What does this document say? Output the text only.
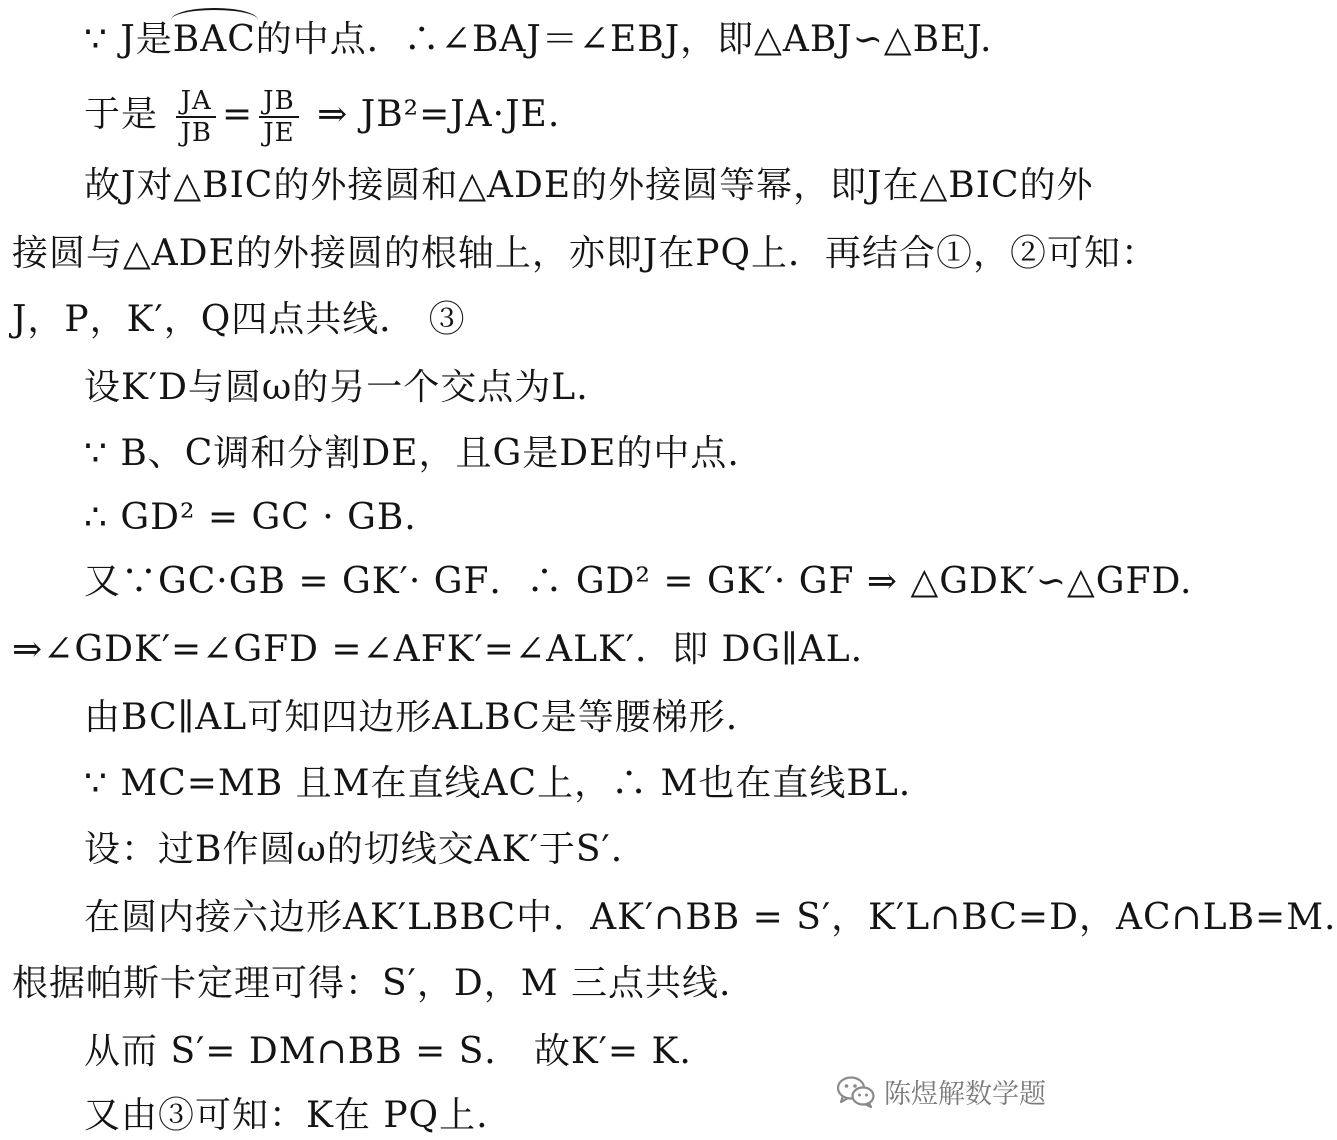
∵ J是BAC的中点．∴∠BAJ＝∠EBJ，即△ABJ∽△BEJ.
于是 $\frac{JA}{JB} = \frac{JB}{JE}$ ⇒ JB²=JA·JE.
故J对△BIC的外接圆和△ADE的外接圆等幂，即J在△BIC的外
接圆与△ADE的外接圆的根轴上，亦即J在PQ上．再结合①，②可知：
J，P，K′，Q四点共线． ③
设K′D与圆ω的另一个交点为L.
∵ B、C调和分割DE，且G是DE的中点.
∴ GD² = GC · GB.
又∵GC·GB = GK′· GF．∴ GD² = GK′· GF ⇒ △GDK′∽△GFD.
⇒∠GDK′=∠GFD =∠AFK′=∠ALK′．即 DG∥AL.
由BC∥AL可知四边形ALBC是等腰梯形.
∵ MC=MB 且M在直线AC上，∴ M也在直线BL.
设：过B作圆ω的切线交AK′于S′.
在圆内接六边形AK′LBBC中．AK′∩BB = S′，K′L∩BC=D，AC∩LB=M.
根据帕斯卡定理可得：S′，D，M 三点共线.
从而 S′= DM∩BB = S． 故K′= K.
又由③可知：K在 PQ上.
陈煜解数学题
